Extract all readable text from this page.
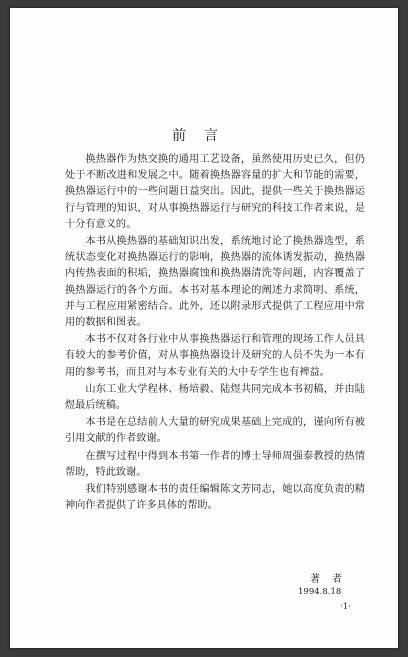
前言

换热器作为热交换的通用工艺设备，虽然使用历史已久，但仍处于不断改进和发展之中。随着换热器容量的扩大和节能的需要，换热器运行中的一些问题日益突出。因此，提供一些关于换热器运行与管理的知识，对从事换热器运行与研究的科技工作者来说，是十分有意义的。

本书从换热器的基础知识出发，系统地讨论了换热器选型，系统状态变化对换热器运行的影响，换热器的流体诱发振动，换热器内传热表面的积垢，换热器腐蚀和换热器清洗等问题，内容覆盖了换热器运行的各个方面。本书对基本理论的阐述力求简明、系统，并与工程应用紧密结合。此外，还以附录形式提供了工程应用中常用的数据和图表。

本书不仅对各行业中从事换热器运行和管理的现场工作人员具有较大的参考价值，对从事换热器设计及研究的人员不失为一本有用的参考书，而且对与本专业有关的大中专学生也有裨益。

山东工业大学程林、杨培毅、陆煜共同完成本书初稿，并由陆煜最后统稿。

本书是在总结前人大量的研究成果基础上完成的，谨向所有被引用文献的作者致谢。

在撰写过程中得到本书第一作者的博士导师周强泰教授的热情帮助，特此致谢。

我们特别感谢本书的责任编辑陈文芳同志，她以高度负责的精神向作者提供了许多具体的帮助。

著者
1994.8.18
·1·
